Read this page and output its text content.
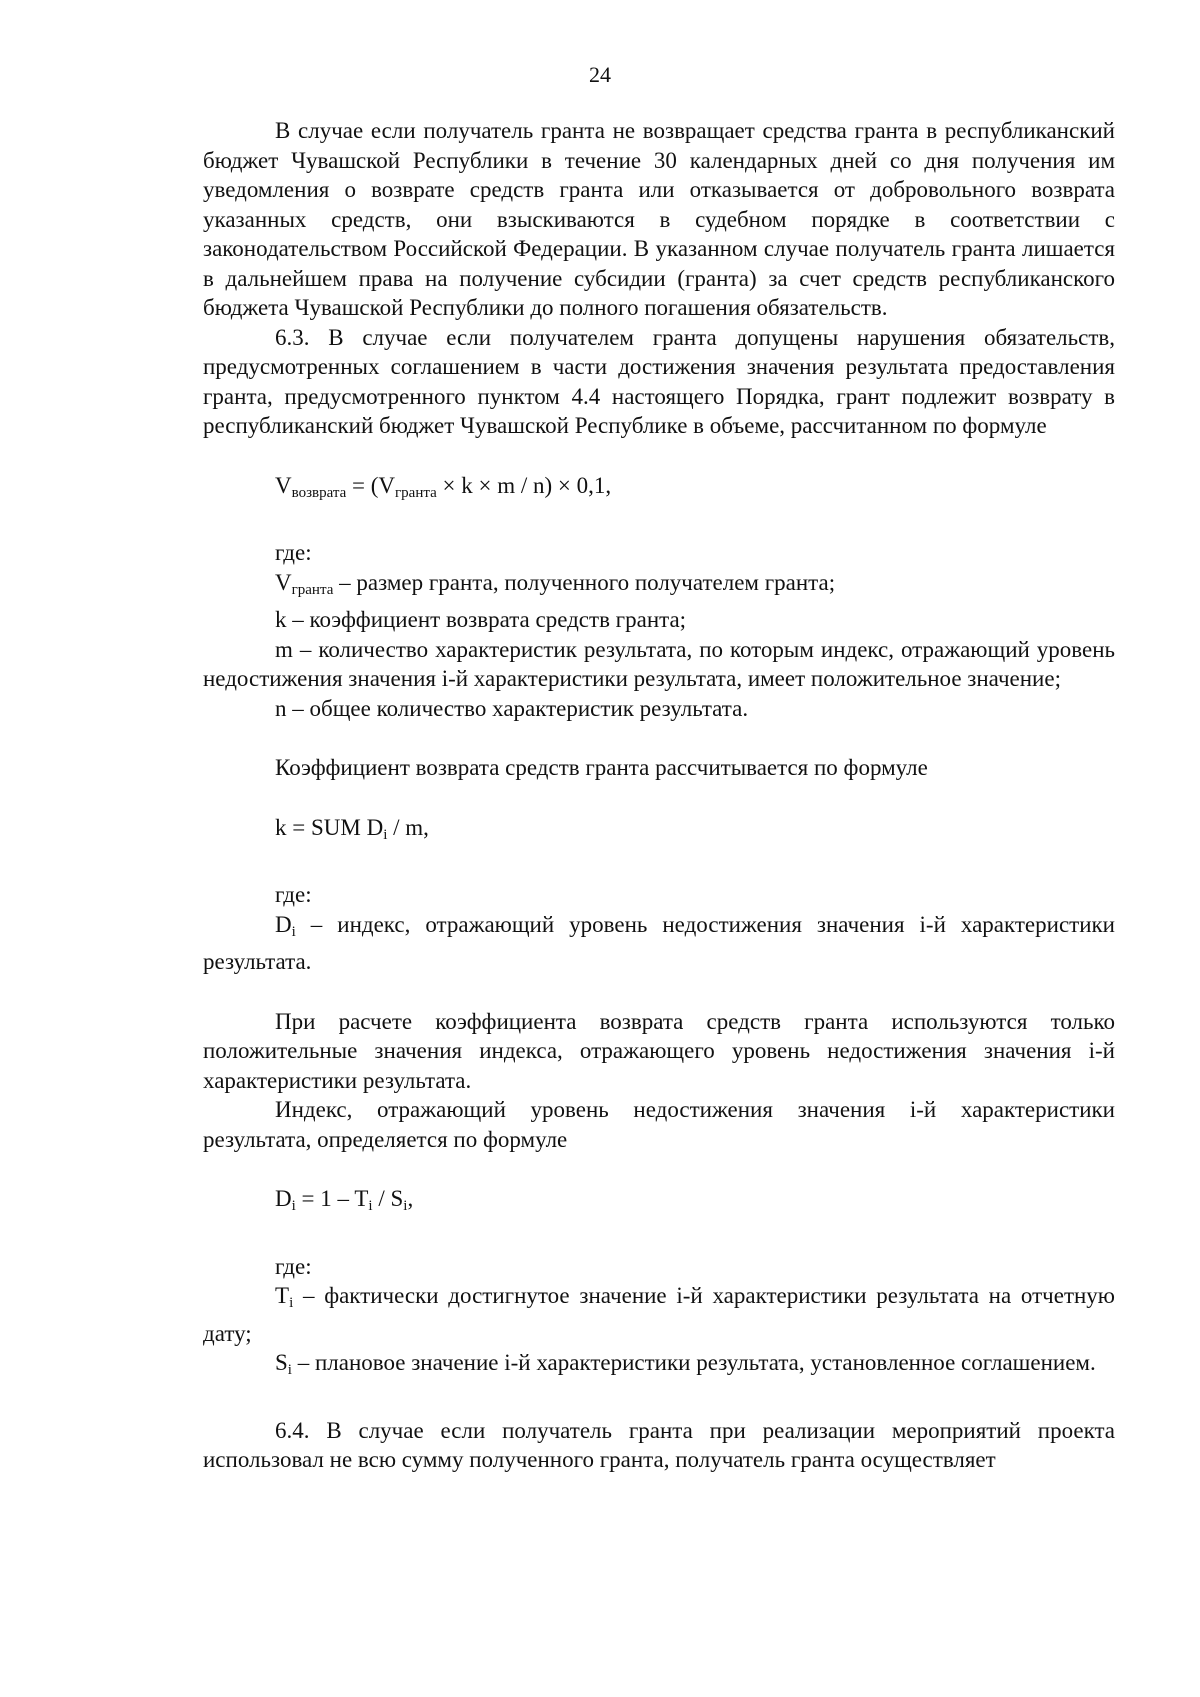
24

В случае если получатель гранта не возвращает средства гранта в республиканский бюджет Чувашской Республики в течение 30 календарных дней со дня получения им уведомления о возврате средств гранта или отказывается от добровольного возврата указанных средств, они взыскиваются в судебном порядке в соответствии с законодательством Российской Федерации. В указанном случае получатель гранта лишается в дальнейшем права на получение субсидии (гранта) за счет средств республиканского бюджета Чувашской Республики до полного погашения обязательств.

6.3. В случае если получателем гранта допущены нарушения обязательств, предусмотренных соглашением в части достижения значения результата предоставления гранта, предусмотренного пунктом 4.4 настоящего Порядка, грант подлежит возврату в республиканский бюджет Чувашской Республике в объеме, рассчитанном по формуле

$V_{возврата} = (V_{гранта} \times k \times m / n) \times 0,1$,

где:

$V_{гранта}$ – размер гранта, полученного получателем гранта;

k – коэффициент возврата средств гранта;

m – количество характеристик результата, по которым индекс, отражающий уровень недостижения значения i-й характеристики результата, имеет положительное значение;

n – общее количество характеристик результата.

Коэффициент возврата средств гранта рассчитывается по формуле

k = SUM $D_i$ / m,

где:

$D_i$ – индекс, отражающий уровень недостижения значения i-й характеристики результата.

При расчете коэффициента возврата средств гранта используются только положительные значения индекса, отражающего уровень недостижения значения i-й характеристики результата.

Индекс, отражающий уровень недостижения значения i-й характеристики результата, определяется по формуле

$D_i = 1 - T_i / S_i$,

где:

$T_i$ – фактически достигнутое значение i-й характеристики результата на отчетную дату;

$S_i$ – плановое значение i-й характеристики результата, установленное соглашением.

6.4. В случае если получатель гранта при реализации мероприятий проекта использовал не всю сумму полученного гранта, получатель гранта осуществляет
